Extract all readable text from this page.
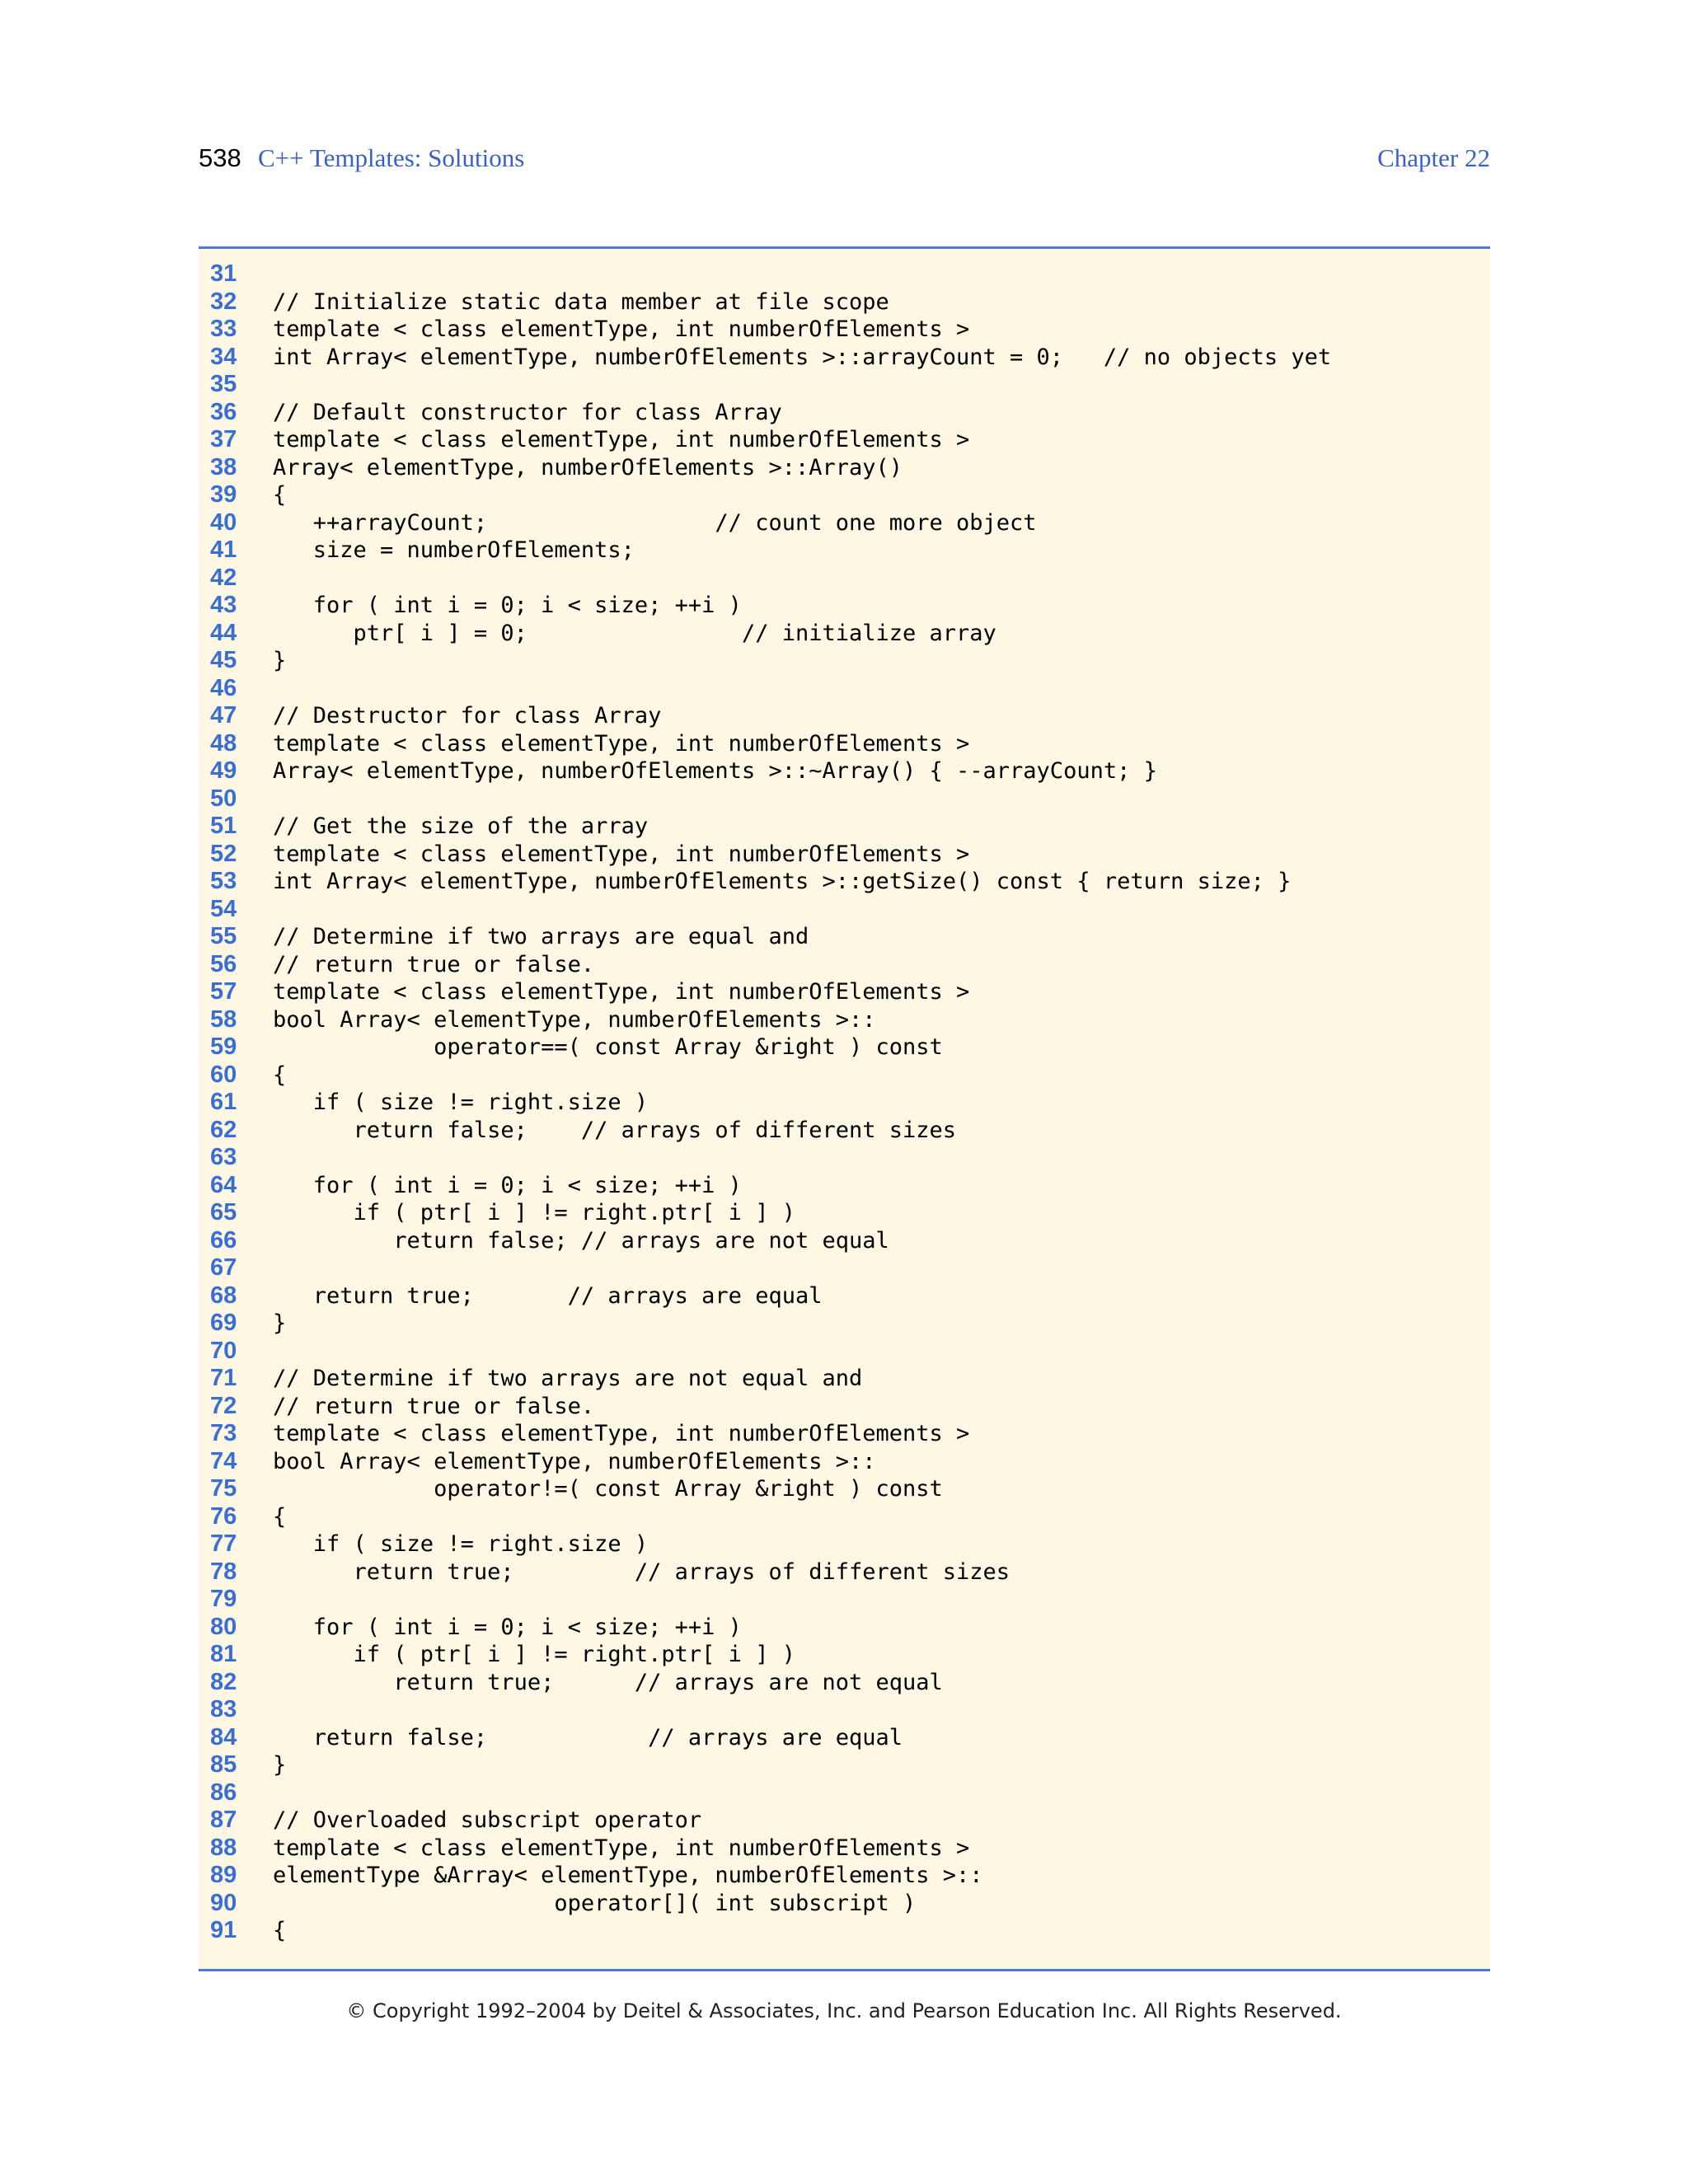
538 C++ Templates: Solutions	Chapter 22
31
32	// Initialize static data member at file scope
33	template < class elementType, int numberOfElements >
34	int Array< elementType, numberOfElements >::arrayCount = 0;   // no objects yet
35
36	// Default constructor for class Array
37	template < class elementType, int numberOfElements >
38	Array< elementType, numberOfElements >::Array()
39	{
40	++arrayCount;                 // count one more object
41	size = numberOfElements;
42
43	for ( int i = 0; i < size; ++i )
44	ptr[ i ] = 0;                // initialize array
45	}
46
47	// Destructor for class Array
48	template < class elementType, int numberOfElements >
49	Array< elementType, numberOfElements >::~Array() { --arrayCount; }
50
51	// Get the size of the array
52	template < class elementType, int numberOfElements >
53	int Array< elementType, numberOfElements >::getSize() const { return size; }
54
55	// Determine if two arrays are equal and
56	// return true or false.
57	template < class elementType, int numberOfElements >
58	bool Array< elementType, numberOfElements >::
59	operator==( const Array &right ) const
60	{
61	if ( size != right.size )
62	return false;    // arrays of different sizes
63
64	for ( int i = 0; i < size; ++i )
65	if ( ptr[ i ] != right.ptr[ i ] )
66	return false; // arrays are not equal
67
68	return true;       // arrays are equal
69	}
70
71	// Determine if two arrays are not equal and
72	// return true or false.
73	template < class elementType, int numberOfElements >
74	bool Array< elementType, numberOfElements >::
75	operator!=( const Array &right ) const
76	{
77	if ( size != right.size )
78	return true;         // arrays of different sizes
79
80	for ( int i = 0; i < size; ++i )
81	if ( ptr[ i ] != right.ptr[ i ] )
82	return true;      // arrays are not equal
83
84	return false;            // arrays are equal
85	}
86
87	// Overloaded subscript operator
88	template < class elementType, int numberOfElements >
89	elementType &Array< elementType, numberOfElements >::
90	operator[]( int subscript )
91	{
© Copyright 1992–2004 by Deitel & Associates, Inc. and Pearson Education Inc. All Rights Reserved.
